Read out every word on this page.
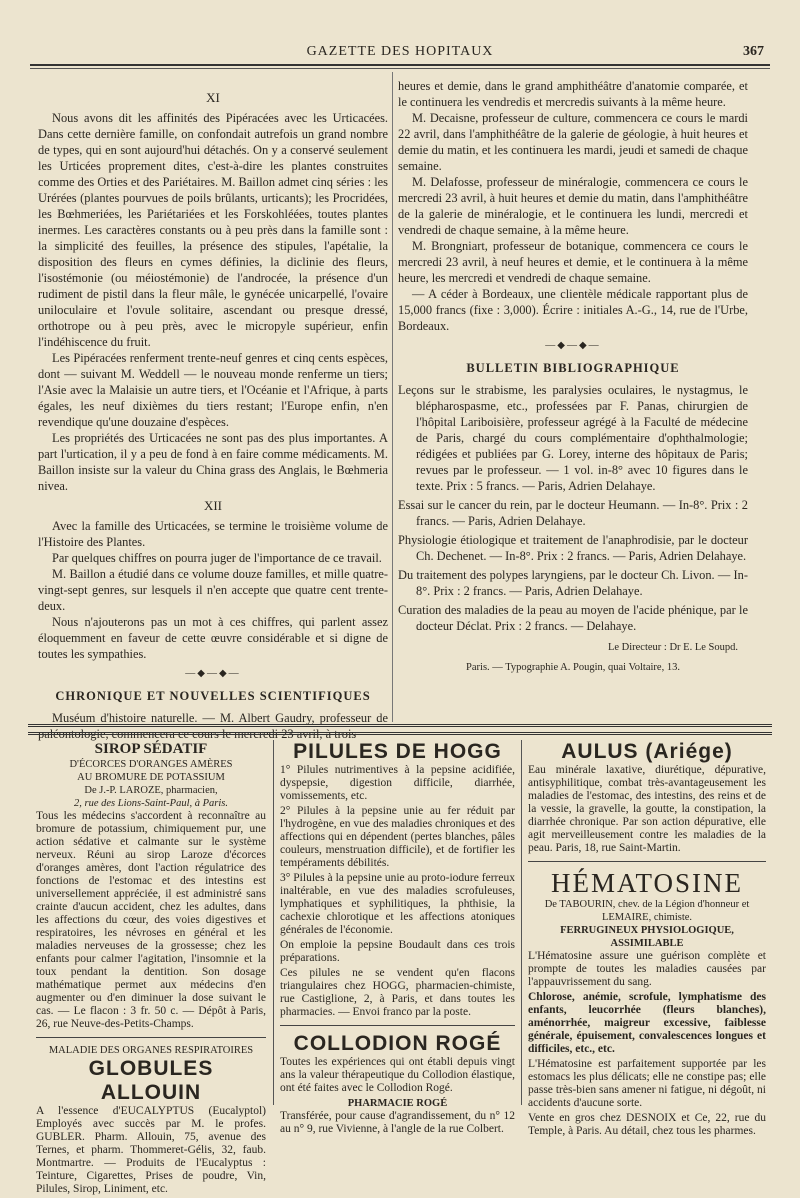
GAZETTE DES HOPITAUX	367
XI

Nous avons dit les affinités des Pipéracées avec les Urticacées. Dans cette dernière famille, on confondait autrefois un grand nombre de types, qui en sont aujourd'hui détachés. On y a conservé seulement les Urticées proprement dites, c'est-à-dire les plantes construites comme des Orties et des Pariétaires. M. Baillon admet cinq séries : les Urérées (plantes pourvues de poils brûlants, urticants); les Procridées, les Bœhmeriées, les Pariétariées et les Forskohléées, toutes plantes inermes. Les caractères constants ou à peu près dans la famille sont : la simplicité des feuilles, la présence des stipules, l'apétalie, la disposition des fleurs en cymes définies, la diclinie des fleurs, l'isostémonie (ou méiostémonie) de l'androcée, la présence d'un rudiment de pistil dans la fleur mâle, le gynécée unicarpellé, l'ovaire uniloculaire et l'ovule solitaire, ascendant ou presque dressé, orthotrope ou à peu près, avec le micropyle supérieur, enfin l'indéhiscence du fruit.

Les Pipéracées renferment trente-neuf genres et cinq cents espèces, dont — suivant M. Weddell — le nouveau monde renferme un tiers; l'Asie avec la Malaisie un autre tiers, et l'Océanie et l'Afrique, à parts égales, les neuf dixièmes du tiers restant; l'Europe enfin, n'en revendique qu'une douzaine d'espèces.

Les propriétés des Urticacées ne sont pas des plus importantes. A part l'urtication, il y a peu de fond à en faire comme médicaments. M. Baillon insiste sur la valeur du China grass des Anglais, le Bœhmeria nivea.

XII

Avec la famille des Urticacées, se termine le troisième volume de l'Histoire des Plantes.

Par quelques chiffres on pourra juger de l'importance de ce travail.

M. Baillon a étudié dans ce volume douze familles, et mille quatre-vingt-sept genres, sur lesquels il n'en accepte que quatre cent trente-deux.

Nous n'ajouterons pas un mot à ces chiffres, qui parlent assez éloquemment en faveur de cette œuvre considérable et si digne de toutes les sympathies.

—◆—◆—
CHRONIQUE ET NOUVELLES SCIENTIFIQUES

Muséum d'histoire naturelle. — M. Albert Gaudry, professeur de paléontologie, commencera ce cours le mercredi 23 avril, à trois

heures et demie, dans le grand amphithéâtre d'anatomie comparée, et le continuera les vendredis et mercredis suivants à la même heure.

M. Decaisne, professeur de culture, commencera ce cours le mardi 22 avril, dans l'amphithéâtre de la galerie de géologie, à huit heures et demie du matin, et les continuera les mardi, jeudi et samedi de chaque semaine.

M. Delafosse, professeur de minéralogie, commencera ce cours le mercredi 23 avril, à huit heures et demie du matin, dans l'amphithéâtre de la galerie de minéralogie, et le continuera les lundi, mercredi et vendredi de chaque semaine, à la même heure.

M. Brongniart, professeur de botanique, commencera ce cours le mercredi 23 avril, à neuf heures et demie, et le continuera à la même heure, les mercredi et vendredi de chaque semaine.

— A céder à Bordeaux, une clientèle médicale rapportant plus de 15,000 francs (fixe : 3,000). Écrire : initiales A.-G., 14, rue de l'Urbe, Bordeaux.

—◆—◆—
BULLETIN BIBLIOGRAPHIQUE

Leçons sur le strabisme, les paralysies oculaires, le nystagmus, le blépharospasme, etc., professées par F. Panas, chirurgien de l'hôpital Lariboisière, professeur agrégé à la Faculté de médecine de Paris, chargé du cours complémentaire d'ophthalmologie; rédigées et publiées par G. Lorey, interne des hôpitaux de Paris; revues par le professeur. — 1 vol. in-8° avec 10 figures dans le texte. Prix : 5 francs. — Paris, Adrien Delahaye.

Essai sur le cancer du rein, par le docteur Heumann. — In-8°. Prix : 2 francs. — Paris, Adrien Delahaye.

Physiologie étiologique et traitement de l'anaphrodisie, par le docteur Ch. Dechenet. — In-8°. Prix : 2 francs. — Paris, Adrien Delahaye.

Du traitement des polypes laryngiens, par le docteur Ch. Livon. — In-8°. Prix : 2 francs. — Paris, Adrien Delahaye.

Curation des maladies de la peau au moyen de l'acide phénique, par le docteur Déclat. Prix : 2 francs. — Delahaye.

Le Directeur : Dr E. Le Soupd.
Paris. — Typographie A. Pougin, quai Voltaire, 13.
SIROP SÉDATIF
D'ÉCORCES D'ORANGES AMÈRES
AU BROMURE DE POTASSIUM
De J.-P. LAROZE, pharmacien,
2, rue des Lions-Saint-Paul, à Paris.

Tous les médecins s'accordent à reconnaître au bromure de potassium, chimiquement pur, une action sédative et calmante sur le système nerveux. Réuni au sirop Laroze d'écorces d'oranges amères, dont l'action régulatrice des fonctions de l'estomac et des intestins est universellement appréciée, il est administré sans crainte d'aucun accident, chez les adultes, dans les affections du cœur, des voies digestives et respiratoires, les névroses en général et les maladies nerveuses de la grossesse; chez les enfants pour calmer l'agitation, l'insomnie et la toux pendant la dentition. Son dosage mathématique permet aux médecins d'en augmenter ou d'en diminuer la dose suivant le cas. — Le flacon : 3 fr. 50 c. — Dépôt à Paris, 26, rue Neuve-des-Petits-Champs.

MALADIE DES ORGANES RESPIRATOIRES
GLOBULES ALLOUIN

A l'essence d'EUCALYPTUS (Eucalyptol) Employés avec succès par M. le profes. GUBLER. Pharm. Allouin, 75, avenue des Ternes, et pharm. Thommeret-Gélis, 32, faub. Montmartre. — Produits de l'Eucalyptus : Teinture, Cigarettes, Prises de poudre, Vin, Pilules, Sirop, Liniment, etc.

PILULES DE HOGG

1° Pilules nutrimentives à la pepsine acidifiée, dyspepsie, digestion difficile, diarrhée, vomissements, etc.

2° Pilules à la pepsine unie au fer réduit par l'hydrogène, en vue des maladies chroniques et des affections qui en dépendent (pertes blanches, pâles couleurs, menstruation difficile), et de fortifier les tempéraments débilités.

3° Pilules à la pepsine unie au proto-iodure ferreux inaltérable, en vue des maladies scrofuleuses, lymphatiques et syphilitiques, la phthisie, la cachexie chlorotique et les affections atoniques générales de l'économie.

On emploie la pepsine Boudault dans ces trois préparations.

Ces pilules ne se vendent qu'en flacons triangulaires chez HOGG, pharmacien-chimiste, rue Castiglione, 2, à Paris, et dans toutes les pharmacies. — Envoi franco par la poste.

COLLODION ROGÉ

Toutes les expériences qui ont établi depuis vingt ans la valeur thérapeutique du Collodion élastique, ont été faites avec le Collodion Rogé.

PHARMACIE ROGÉ

Transférée, pour cause d'agrandissement, du n° 12 au n° 9, rue Vivienne, à l'angle de la rue Colbert.

AULUS (Ariége)

Eau minérale laxative, diurétique, dépurative, antisyphilitique, combat très-avantageusement les maladies de l'estomac, des intestins, des reins et de la vessie, la gravelle, la goutte, la constipation, la diarrhée chronique. Par son action dépurative, elle agit merveilleusement contre les maladies de la peau. Paris, 18, rue Saint-Martin.

HÉMATOSINE
De TABOURIN, chev. de la Légion d'honneur et LEMAIRE, chimiste.
FERRUGINEUX PHYSIOLOGIQUE, ASSIMILABLE

L'Hématosine assure une guérison complète et prompte de toutes les maladies causées par l'appauvrissement du sang.

Chlorose, anémie, scrofule, lymphatisme des enfants, leucorrhée (fleurs blanches), aménorrhée, maigreur excessive, faiblesse générale, épuisement, convalescences longues et difficiles, etc., etc.

L'Hématosine est parfaitement supportée par les estomacs les plus délicats; elle ne constipe pas; elle passe très-bien sans amener ni fatigue, ni dégoût, ni accidents d'aucune sorte.

Vente en gros chez DESNOIX et Ce, 22, rue du Temple, à Paris. Au détail, chez tous les pharmes.
